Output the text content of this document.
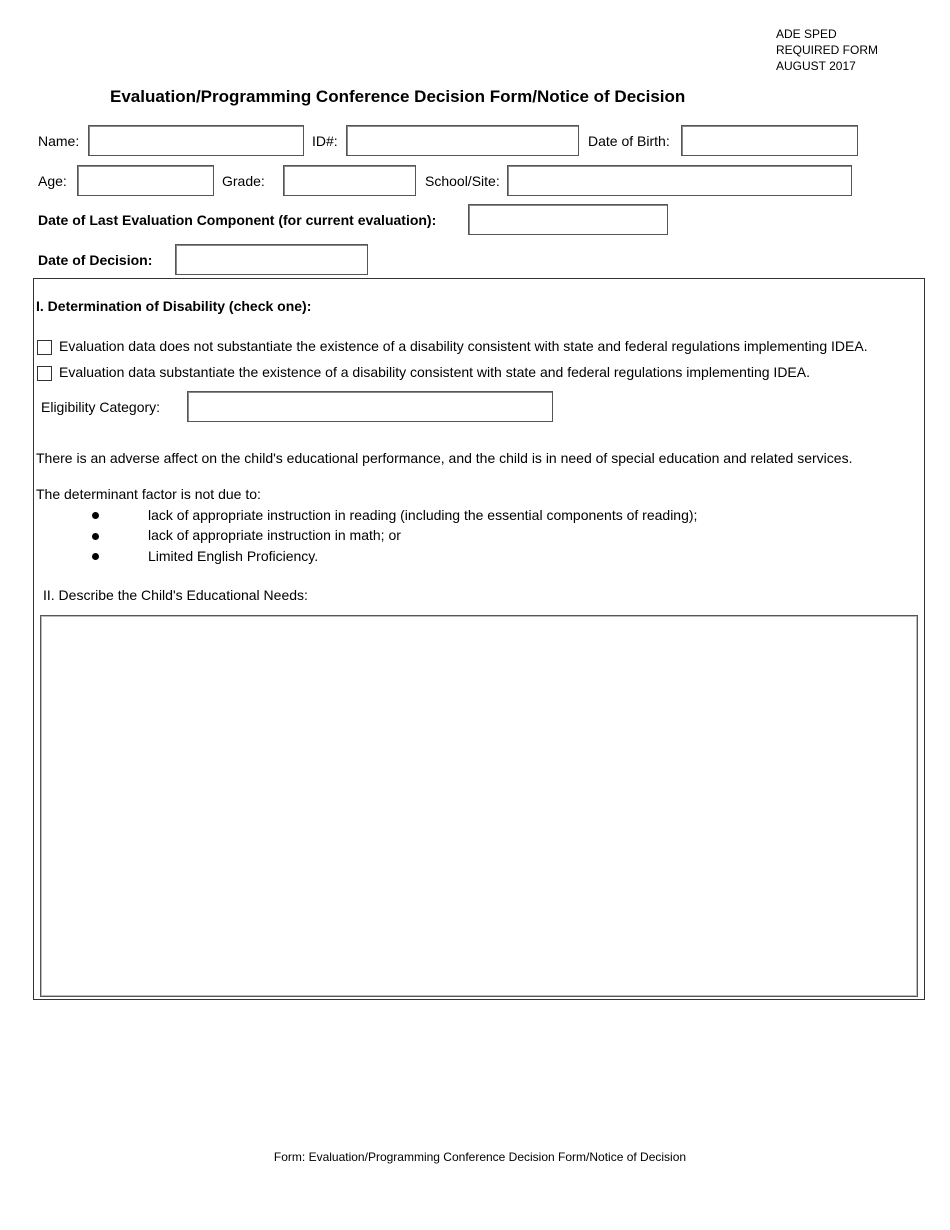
ADE SPED
REQUIRED FORM
AUGUST 2017
Evaluation/Programming Conference Decision Form/Notice of Decision
Name:	ID#:	Date of Birth:
Age:	Grade:	School/Site:
Date of Last Evaluation Component (for current evaluation):
Date of Decision:
I. Determination of Disability (check one):
Evaluation data does not substantiate the existence of a disability consistent with state and federal regulations implementing IDEA.
Evaluation data substantiate the existence of a disability consistent with state and federal regulations implementing IDEA.
Eligibility Category:
There is an adverse affect on the child's educational performance, and the child is in need of special education and related services.
The determinant factor is not due to:
lack of appropriate instruction in reading (including the essential components of reading);
lack of appropriate instruction in math; or
Limited English Proficiency.
II. Describe the Child's Educational Needs:
Form: Evaluation/Programming Conference Decision Form/Notice of Decision
